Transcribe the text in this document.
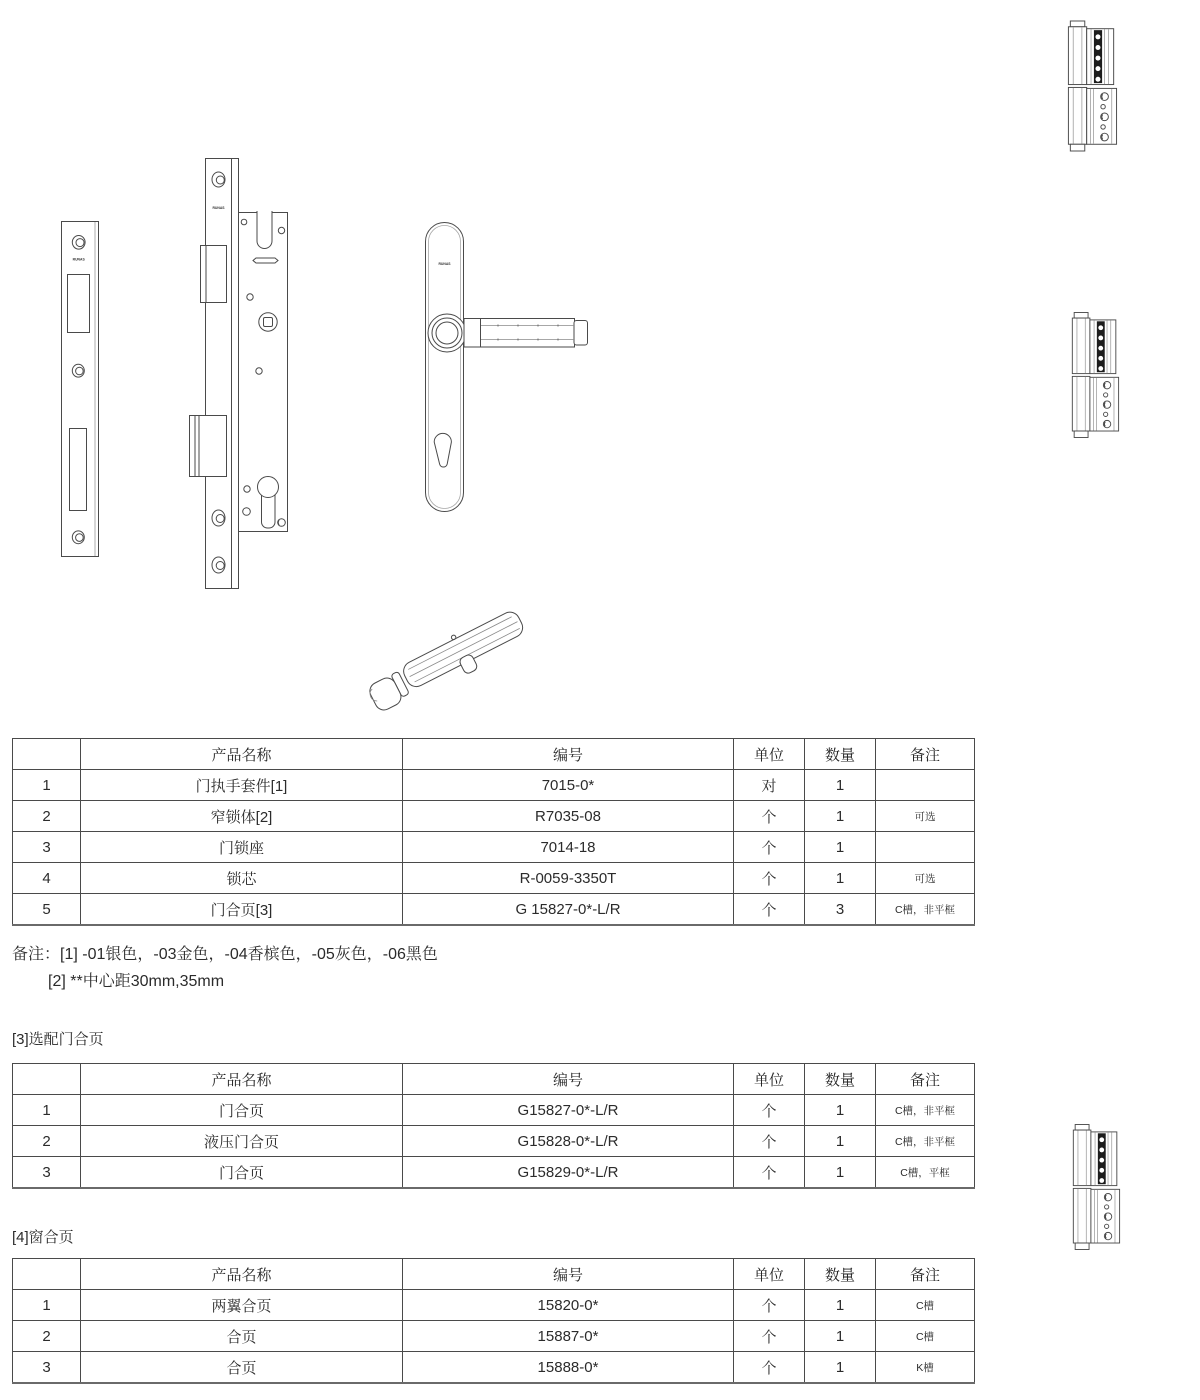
RUNAS
RUNAS
RUNAS
	产品名称	编号	单位	数量	备注
1	门执手套件[1]	7015-0*	对	1	
2	窄锁体[2]	R7035-08	个	1	可选
3	门锁座	7014-18	个	1	
4	锁芯	R-0059-3350T	个	1	可选
5	门合页[3]	G 15827-0*-L/R	个	3	C槽，非平框
备注：[1] -01银色，-03金色，-04香槟色，-05灰色，-06黑色
[2] **中心距30mm,35mm
[3]选配门合页
	产品名称	编号	单位	数量	备注
1	门合页	G15827-0*-L/R	个	1	C槽，非平框
2	液压门合页	G15828-0*-L/R	个	1	C槽，非平框
3	门合页	G15829-0*-L/R	个	1	C槽，平框
[4]窗合页
	产品名称	编号	单位	数量	备注
1	两翼合页	15820-0*	个	1	C槽
2	合页	15887-0*	个	1	C槽
3	合页	15888-0*	个	1	K槽
